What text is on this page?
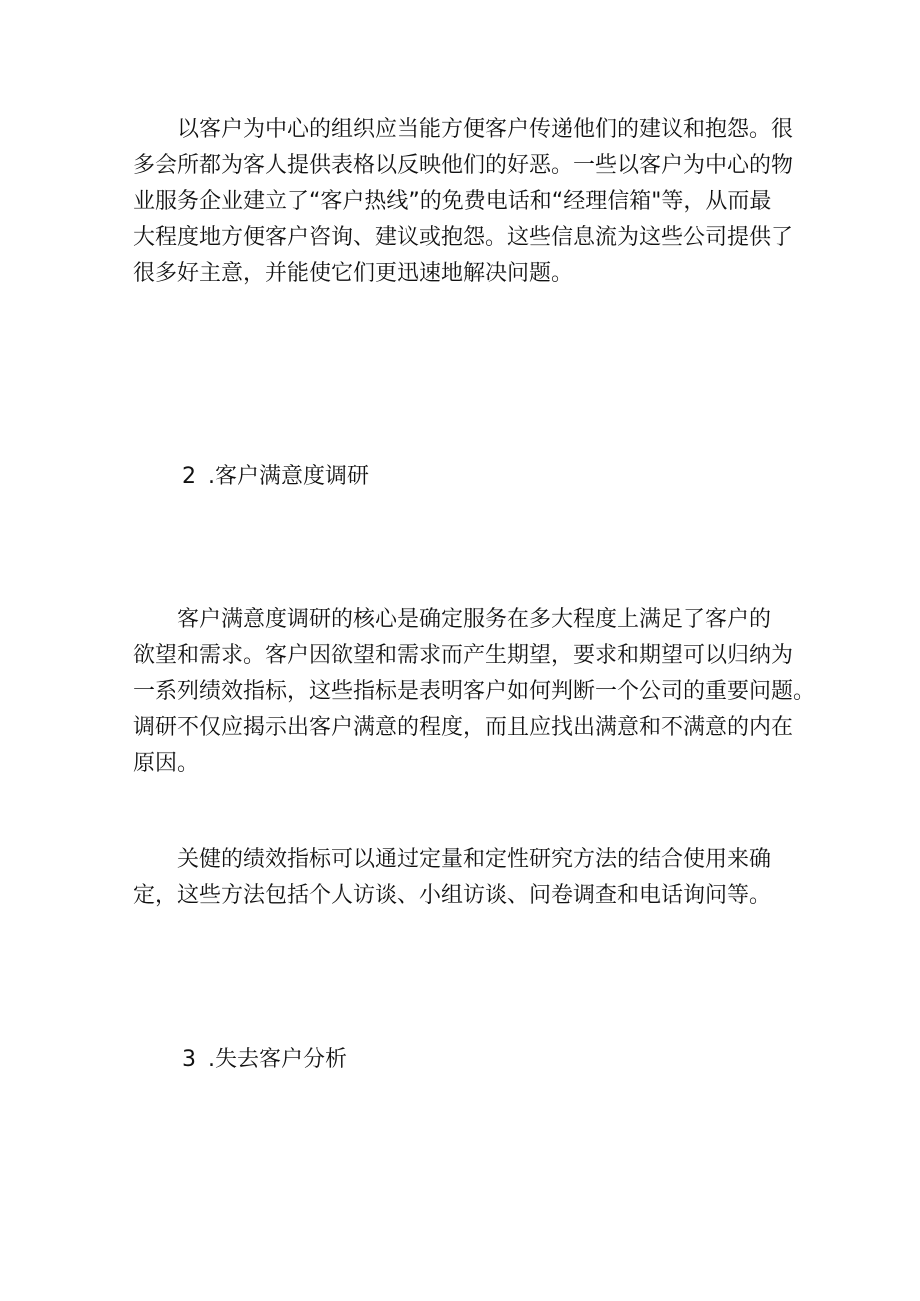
　　以客户为中心的组织应当能方便客户传递他们的建议和抱怨。很
多会所都为客人提供表格以反映他们的好恶。一些以客户为中心的物
业服务企业建立了“客户热线”的免费电话和“经理信箱"等，从而最
大程度地方便客户咨询、建议或抱怨。这些信息流为这些公司提供了
很多好主意，并能使它们更迅速地解决问题。
2 .客户满意度调研
　　客户满意度调研的核心是确定服务在多大程度上满足了客户的
欲望和需求。客户因欲望和需求而产生期望，要求和期望可以归纳为
一系列绩效指标，这些指标是表明客户如何判断一个公司的重要问题。
调研不仅应揭示出客户满意的程度，而且应找出满意和不满意的内在
原因。
　　关健的绩效指标可以通过定量和定性研究方法的结合使用来确
定，这些方法包括个人访谈、小组访谈、问卷调查和电话询问等。
3 .失去客户分析
